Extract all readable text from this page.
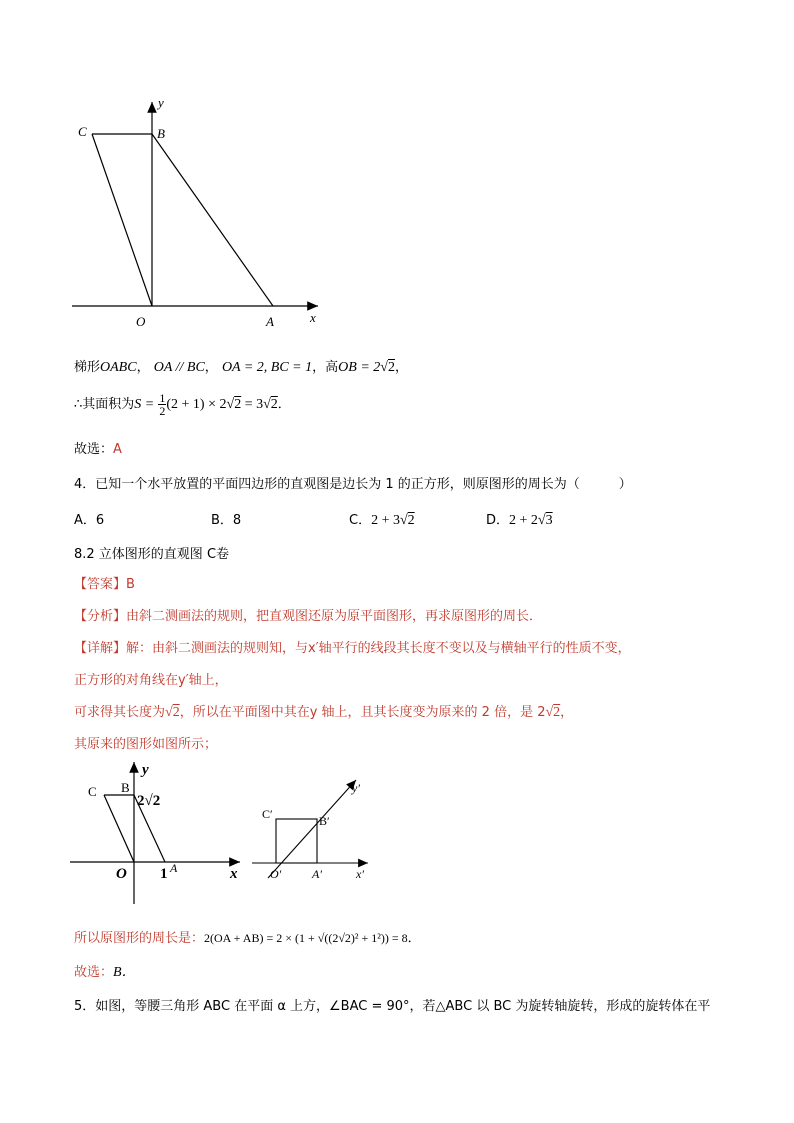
y
C	B
O	A	x
梯形OABC， OA // BC， OA = 2, BC = 1，高OB = 2√2，
∴其面积为$S = \frac{1}{2} (2 + 1) \times 2√2 = 3√2$．
故选：A
4．已知一个水平放置的平面四边形的直观图是边长为 1 的正方形，则原图形的周长为（　　　）
A．6	B．8	C．2 + 3√2	D．2 + 2√3
8.2 立体图形的直观图 C卷
【答案】B
【分析】由斜二测画法的规则，把直观图还原为原平面图形，再求原图形的周长．
【详解】解：由斜二测画法的规则知，与x′轴平行的线段其长度不变以及与横轴平行的性质不变，
正方形的对角线在y′轴上，
可求得其长度为√2，所以在平面图中其在y 轴上，且其长度变为原来的 2 倍，是 2√2，
其原来的图形如图所示；
y
C B
2√2
O 1 A	x
y′
C′	B′
O′	A′	x′
所以原图形的周长是：2(OA + AB) = 2 × (1 + √((2√2)² + 1²)) = 8．
故选：B．
5．如图，等腰三角形 ABC 在平面 α 上方，∠BAC = 90°，若△ABC 以 BC 为旋转轴旋转，形成的旋转体在平
